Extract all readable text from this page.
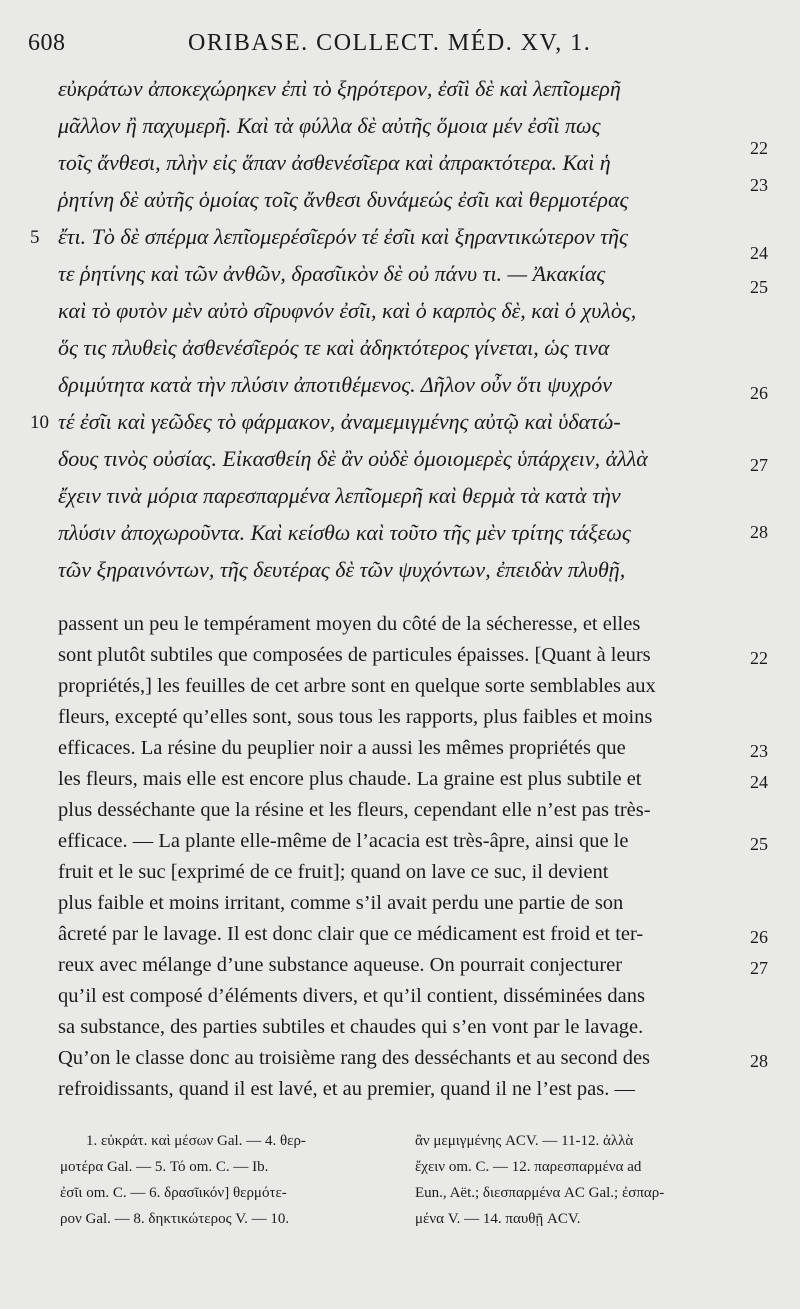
608	ORIBASE. COLLECT. MÉD. XV, 1.
εὐκράτων ἀποκεχώρηκεν ἐπὶ τὸ ξηρότερον, ἐσῖὶ δὲ καὶ λεπῖομερῆ
μᾶλλον ἢ παχυμερῆ. Καὶ τὰ φύλλα δὲ αὐτῆς ὅμοια μέν ἐσῖὶ πως
τοῖς ἄνθεσι, πλὴν εἰς ἅπαν ἀσθενέσῖερα καὶ ἀπρακτότερα. Καὶ ἡ
ῥητίνη δὲ αὐτῆς ὁμοίας τοῖς ἄνθεσι δυνάμεώς ἐσῖι καὶ θερμοτέρας
ἔτι. Τὸ δὲ σπέρμα λεπῖομερέσῖερόν τέ ἐσῖι καὶ ξηραντικώτερον τῆς
τε ῥητίνης καὶ τῶν ἀνθῶν, δρασῖικὸν δὲ οὐ πάνυ τι. — Ἀκακίας
καὶ τὸ φυτὸν μὲν αὐτὸ σῖρυφνόν ἐσῖι, καὶ ὁ καρπὸς δὲ, καὶ ὁ χυλὸς,
ὅς τις πλυθεὶς ἀσθενέσῖερός τε καὶ ἀδηκτότερος γίνεται, ὡς τινα
δριμύτητα κατὰ τὴν πλύσιν ἀποτιθέμενος. Δῆλον οὖν ὅτι ψυχρόν
τέ ἐσῖι καὶ γεῶδες τὸ φάρμακον, ἀναμεμιγμένης αὐτῷ καὶ ὑδατώ-
δους τινὸς οὐσίας. Εἰκασθείη δὲ ἂν οὐδὲ ὁμοιομερὲς ὑπάρχειν, ἀλλὰ
ἔχειν τινὰ μόρια παρεσπαρμένα λεπῖομερῆ καὶ θερμὰ τὰ κατὰ τὴν
πλύσιν ἀποχωροῦντα. Καὶ κείσθω καὶ τοῦτο τῆς μὲν τρίτης τάξεως
τῶν ξηραινόντων, τῆς δευτέρας δὲ τῶν ψυχόντων, ἐπειδὰν πλυθῇ,
5
10
22
23
24
25
26
27
28
passent un peu le tempérament moyen du côté de la sécheresse, et elles
sont plutôt subtiles que composées de particules épaisses. [Quant à leurs
propriétés,] les feuilles de cet arbre sont en quelque sorte semblables aux
fleurs, excepté qu’elles sont, sous tous les rapports, plus faibles et moins
efficaces. La résine du peuplier noir a aussi les mêmes propriétés que
les fleurs, mais elle est encore plus chaude. La graine est plus subtile et
plus desséchante que la résine et les fleurs, cependant elle n’est pas très-
efficace. — La plante elle-même de l’acacia est très-âpre, ainsi que le
fruit et le suc [exprimé de ce fruit]; quand on lave ce suc, il devient
plus faible et moins irritant, comme s’il avait perdu une partie de son
âcreté par le lavage. Il est donc clair que ce médicament est froid et ter-
reux avec mélange d’une substance aqueuse. On pourrait conjecturer
qu’il est composé d’éléments divers, et qu’il contient, disséminées dans
sa substance, des parties subtiles et chaudes qui s’en vont par le lavage.
Qu’on le classe donc au troisième rang des desséchants et au second des
refroidissants, quand il est lavé, et au premier, quand il ne l’est pas. —
22
23
24
25
26
27
28
1. εὐκράτ. καὶ μέσων Gal. — 4. θερ-
μοτέρα Gal. — 5. Τό om. C. — Ib.
ἐσῖι om. C. — 6. δρασῖικόν] θερμότε-
ρον Gal. — 8. δηκτικώτερος V. — 10.
ἂν μεμιγμένης ACV. — 11-12. ἀλλὰ
ἔχειν om. C. — 12. παρεσπαρμένα ad
Eun., Aët.; διεσπαρμένα AC Gal.; ἐσπαρ-
μένα V. — 14. παυθῇ ACV.
